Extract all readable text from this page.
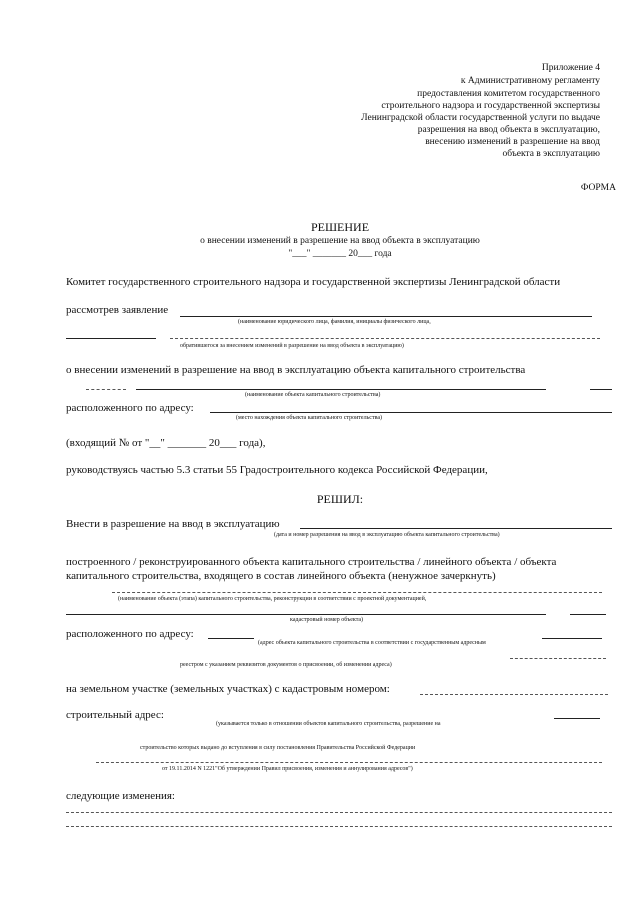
Приложение 4
к Административному регламенту
предоставления комитетом государственного
строительного надзора и государственной экспертизы
Ленинградской области государственной услуги по выдаче
разрешения на ввод объекта в эксплуатацию,
внесению изменений в разрешение на ввод
объекта в эксплуатацию
ФОРМА
РЕШЕНИЕ
о внесении изменений в разрешение на ввод объекта в эксплуатацию
"___" _______ 20___ года
Комитет государственного строительного надзора и государственной экспертизы Ленинградской области
рассмотрев заявление
(наименование юридического лица, фамилия, инициалы физического лица,
обратившегося за внесением изменений в разрешение на ввод объекта в эксплуатацию)
о внесении изменений в разрешение на ввод в эксплуатацию объекта капитального строительства
(наименование объекта капитального строительства)
расположенного по адресу:
(место нахождения объекта капитального строительства)
(входящий № от "__" _______ 20___ года),
руководствуясь частью 5.3 статьи 55 Градостроительного кодекса Российской Федерации,
РЕШИЛ:
Внести в разрешение на ввод в эксплуатацию
(дата и номер разрешения на ввод в эксплуатацию объекта капитального строительства)
построенного / реконструированного объекта капитального строительства / линейного объекта / объекта
капитального строительства, входящего в состав линейного объекта (ненужное зачеркнуть)
(наименование объекта (этапа) капитального строительства, реконструкции в соответствии с проектной документацией,
кадастровый номер объекта)
расположенного по адресу:
(адрес объекта капитального строительства в соответствии с государственным адресным
реестром с указанием реквизитов документов о присвоении, об изменении адреса)
на земельном участке (земельных участках) с кадастровым номером:
строительный адрес:
(указывается только в отношении объектов капитального строительства, разрешение на
строительство которых выдано до вступления в силу постановления Правительства Российской Федерации
от 19.11.2014 N 1221"Об утверждении Правил присвоения, изменения и аннулирования адресов")
следующие изменения:
